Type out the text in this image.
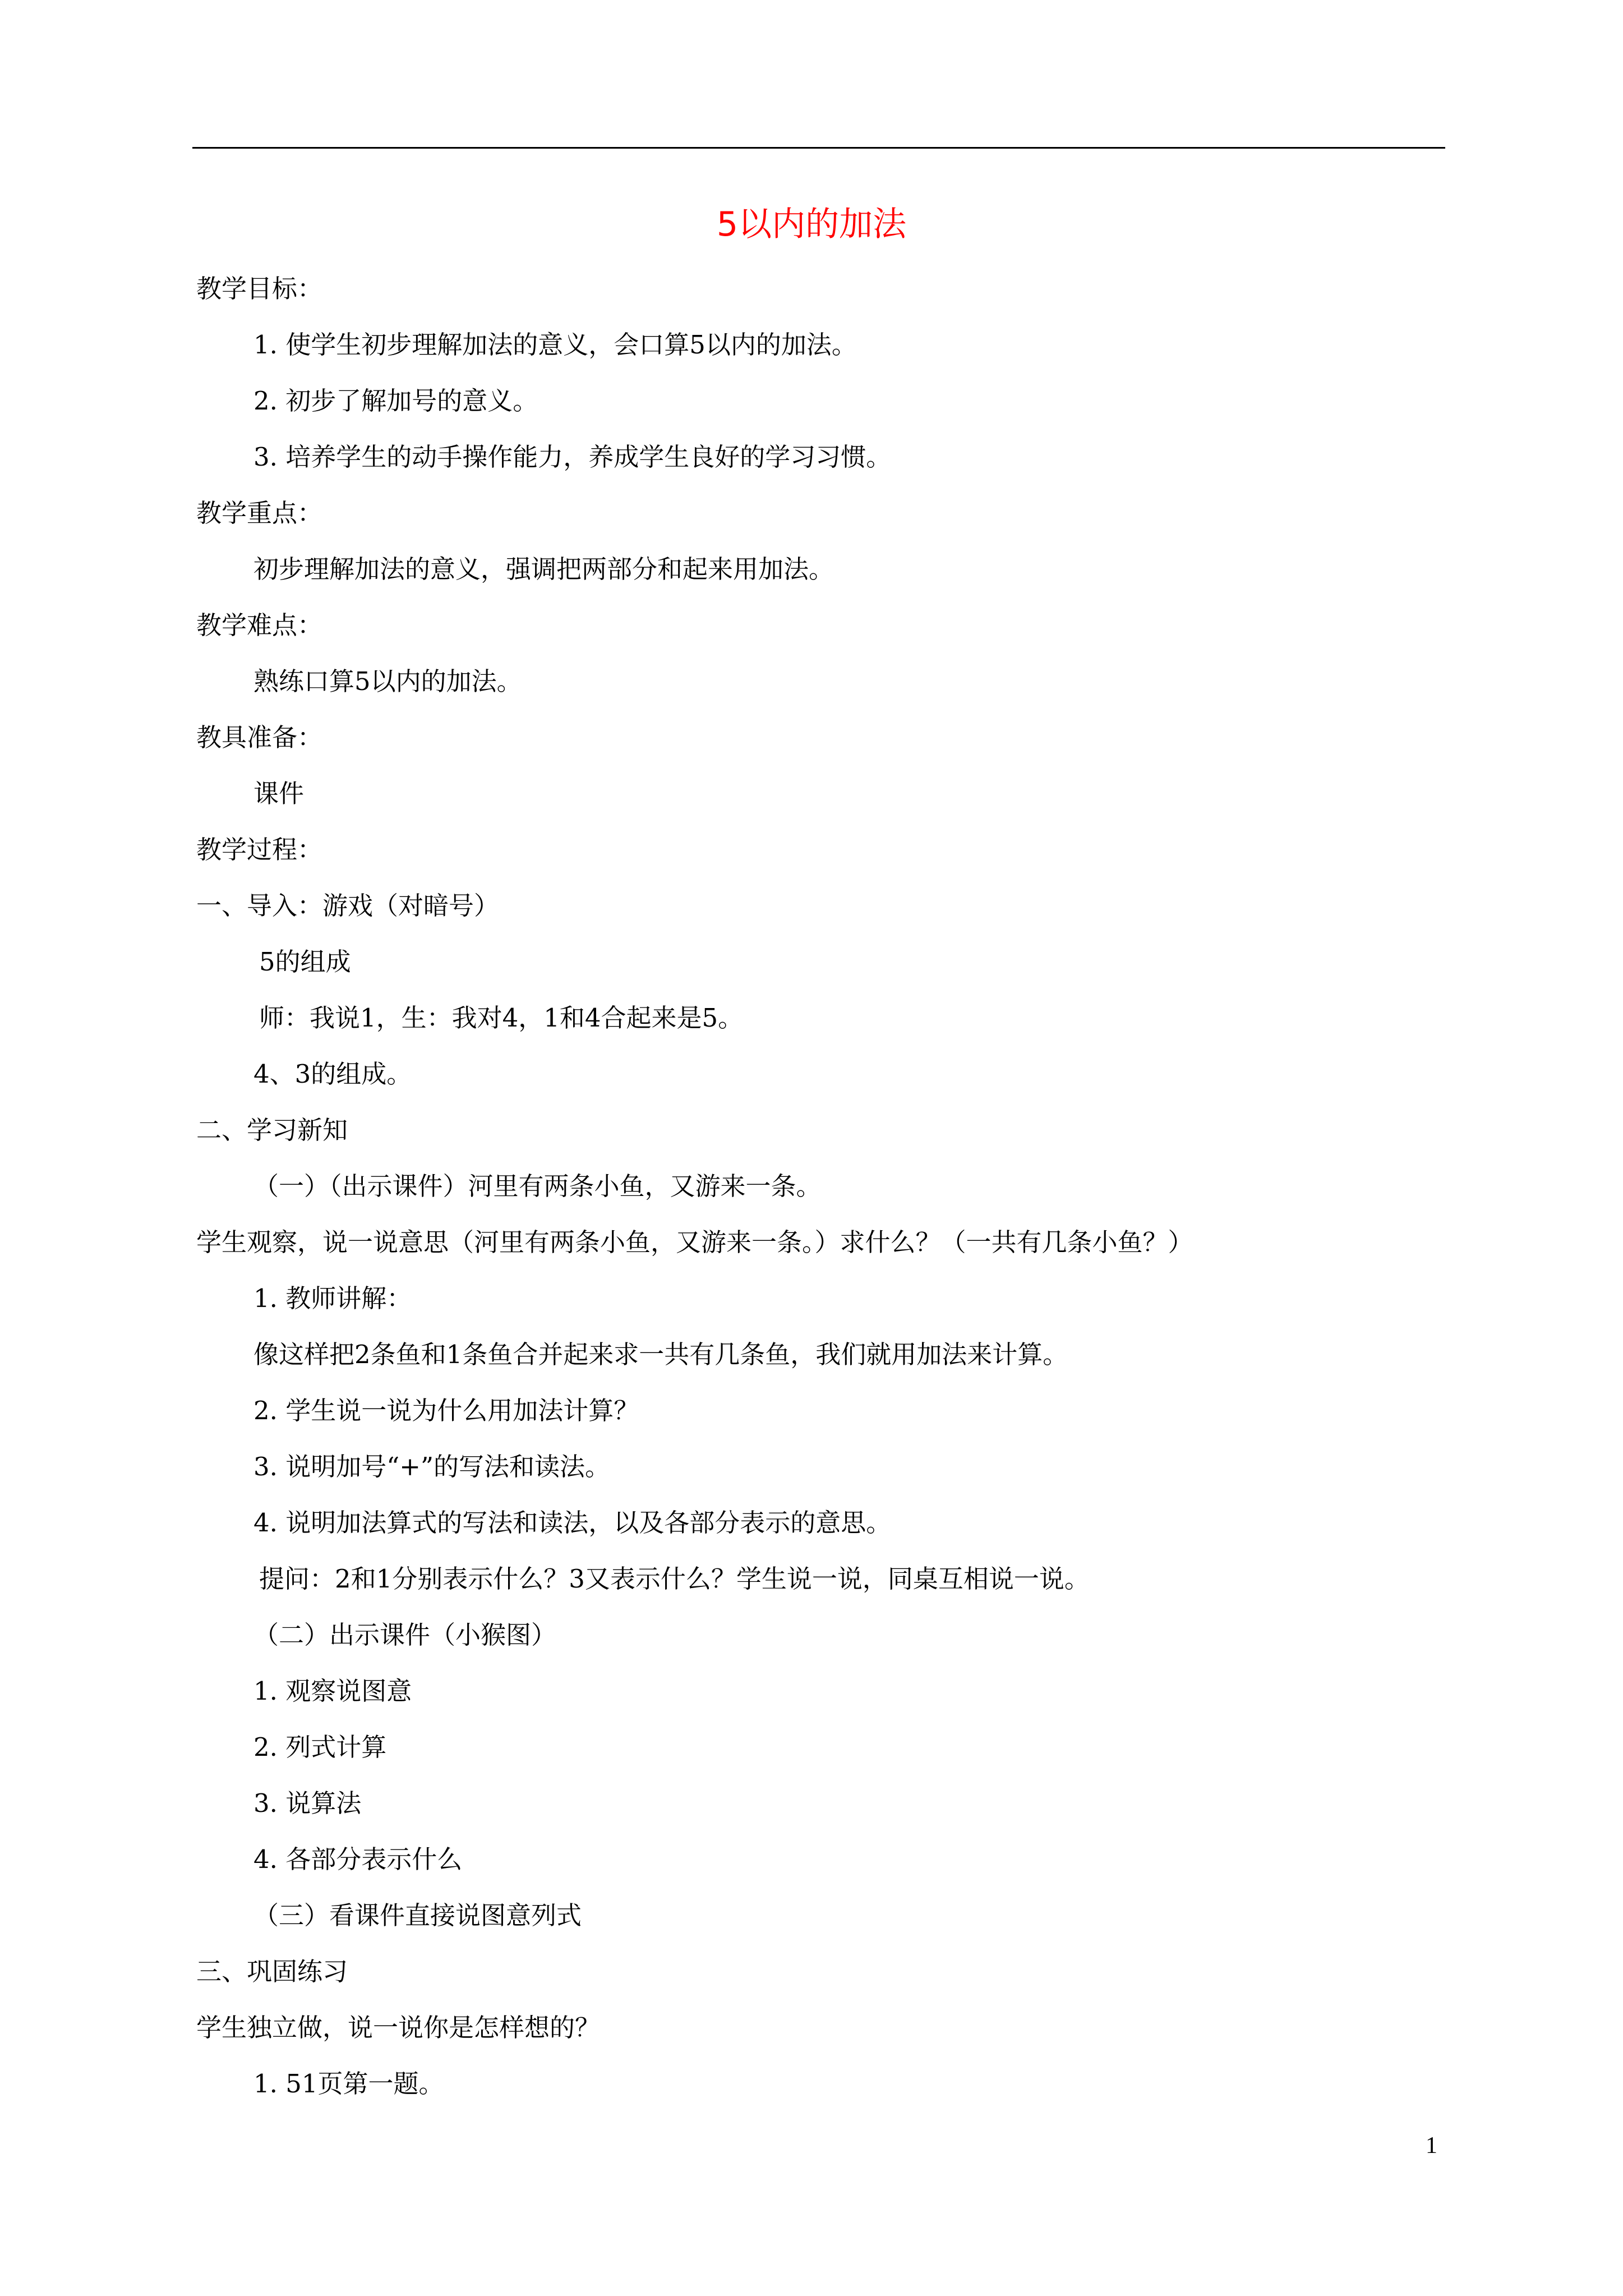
5以内的加法
教学目标：
1. 使学生初步理解加法的意义，会口算5以内的加法。
2. 初步了解加号的意义。
3. 培养学生的动手操作能力，养成学生良好的学习习惯。
教学重点：
初步理解加法的意义，强调把两部分和起来用加法。
教学难点：
熟练口算5以内的加法。
教具准备：
课件
教学过程：
一、导入：游戏（对暗号）
5的组成
师：我说1，生：我对4，1和4合起来是5。
4、3的组成。
二、学习新知
（一）（出示课件）河里有两条小鱼，又游来一条。
学生观察，说一说意思（河里有两条小鱼，又游来一条。）求什么？（一共有几条小鱼？）
1. 教师讲解：
像这样把2条鱼和1条鱼合并起来求一共有几条鱼，我们就用加法来计算。
2. 学生说一说为什么用加法计算？
3. 说明加号“+”的写法和读法。
4. 说明加法算式的写法和读法，以及各部分表示的意思。
提问：2和1分别表示什么？3又表示什么？学生说一说，同桌互相说一说。
（二）出示课件（小猴图）
1. 观察说图意
2. 列式计算
3. 说算法
4. 各部分表示什么
（三）看课件直接说图意列式
三、巩固练习
学生独立做，说一说你是怎样想的？
1. 51页第一题。
1
